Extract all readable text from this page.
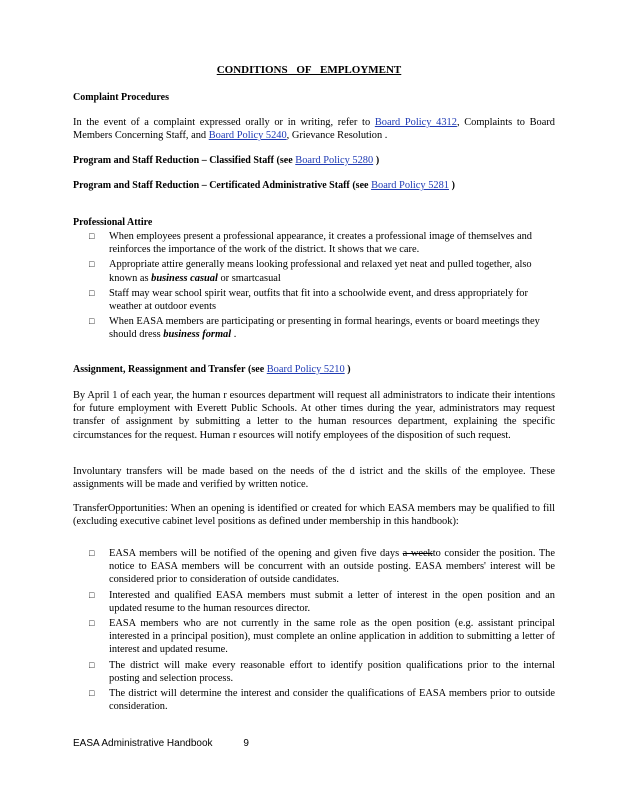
CONDITIONS OF EMPLOYMENT
Complaint Procedures
In the event of a complaint expressed orally or in writing, refer to Board Policy 4312, Complaints to Board Members Concerning Staff, and Board Policy 5240, Grievance Resolution .
Program and Staff Reduction – Classified Staff (see Board Policy 5280 )
Program and Staff Reduction – Certificated Administrative Staff (see Board Policy 5281 )
Professional Attire
□ When employees present a professional appearance, it creates a professional image of themselves and reinforces the importance of the work of the district. It shows that we care.
□ Appropriate attire generally means looking professional and relaxed yet neat and pulled together, also known as business casual or smartcasual
□ Staff may wear school spirit wear, outfits that fit into a schoolwide event, and dress appropriately for weather at outdoor events
□ When EASA members are participating or presenting in formal hearings, events or board meetings they should dress business formal .
Assignment, Reassignment and Transfer (see Board Policy 5210 )
By April 1 of each year, the human r esources department will request all administrators to indicate their intentions for future employment with Everett Public Schools. At other times during the year, administrators may request transfer of assignment by submitting a letter to the human resources department, explaining the specific circumstances for the request. Human r esources will notify employees of the disposition of such request.
Involuntary transfers will be made based on the needs of the d istrict and the skills of the employee. These assignments will be made and verified by written notice.
TransferOpportunities: When an opening is identified or created for which EASA members may be qualified to fill (excluding executive cabinet level positions as defined under membership in this handbook):
□ EASA members will be notified of the opening and given five days a weekto consider the position. The notice to EASA members will be concurrent with an outside posting. EASA members' interest will be considered prior to consideration of outside candidates.
□ Interested and qualified EASA members must submit a letter of interest in the open position and an updated resume to the human resources director.
□ EASA members who are not currently in the same role as the open position (e.g. assistant principal interested in a principal position), must complete an online application in addition to submitting a letter of interest and updated resume.
□ The district will make every reasonable effort to identify position qualifications prior to the internal posting and selection process.
□ The district will determine the interest and consider the qualifications of EASA members prior to outside consideration.
EASA Administrative Handbook	9
